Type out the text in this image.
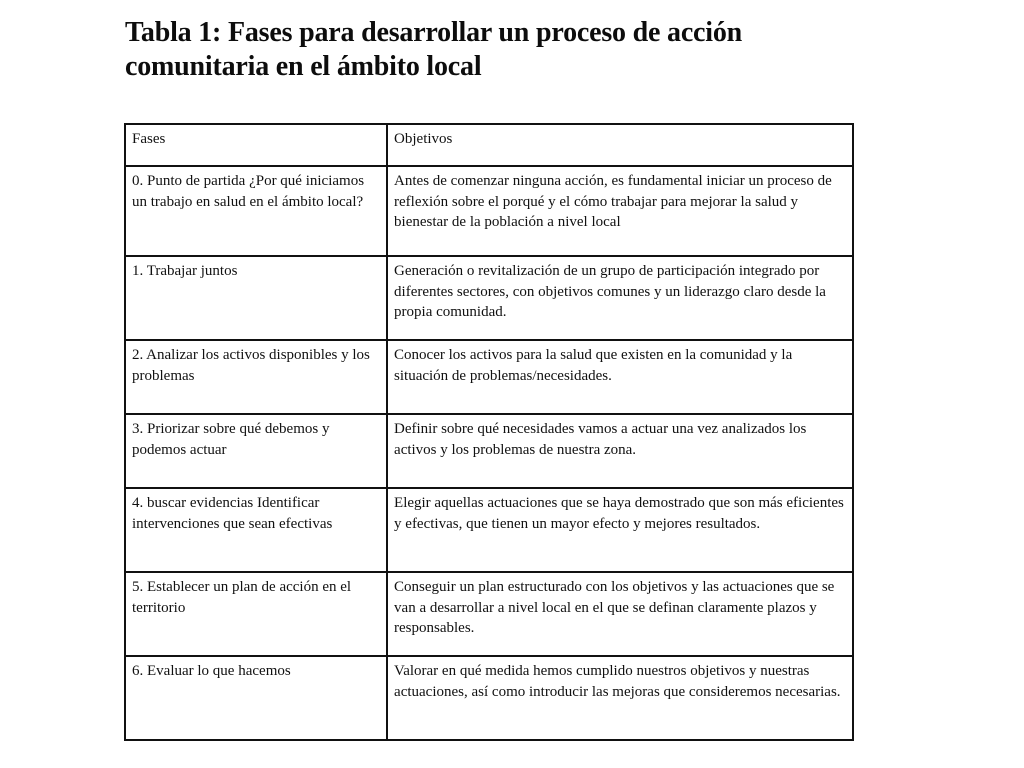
Tabla 1: Fases para desarrollar un proceso de acción comunitaria en el ámbito local
Fases	Objetivos
0. Punto de partida ¿Por qué iniciamos un trabajo en salud en el ámbito local?	Antes de comenzar ninguna acción, es fundamental iniciar un proceso de reflexión sobre el porqué y el cómo trabajar para mejorar la salud y bienestar de la población a nivel local
1. Trabajar juntos	Generación o revitalización de un grupo de participación integrado por diferentes sectores, con objetivos comunes y un liderazgo claro desde la propia comunidad.
2. Analizar los activos disponibles y los problemas	Conocer los activos para la salud que existen en la comunidad y la situación de problemas/necesidades.
3. Priorizar sobre qué debemos y podemos actuar	Definir sobre qué necesidades vamos a actuar una vez analizados los activos y los problemas de nuestra zona.
4. buscar evidencias Identificar intervenciones que sean efectivas	Elegir aquellas actuaciones que se haya demostrado que son más eficientes y efectivas, que tienen un mayor efecto y mejores resultados.
5. Establecer un plan de acción en el territorio	Conseguir un plan estructurado con los objetivos y las actuaciones que se van a desarrollar a nivel local en el que se definan claramente plazos y responsables.
6. Evaluar lo que hacemos	Valorar en qué medida hemos cumplido nuestros objetivos y nuestras actuaciones, así como introducir las mejoras que consideremos necesarias.
